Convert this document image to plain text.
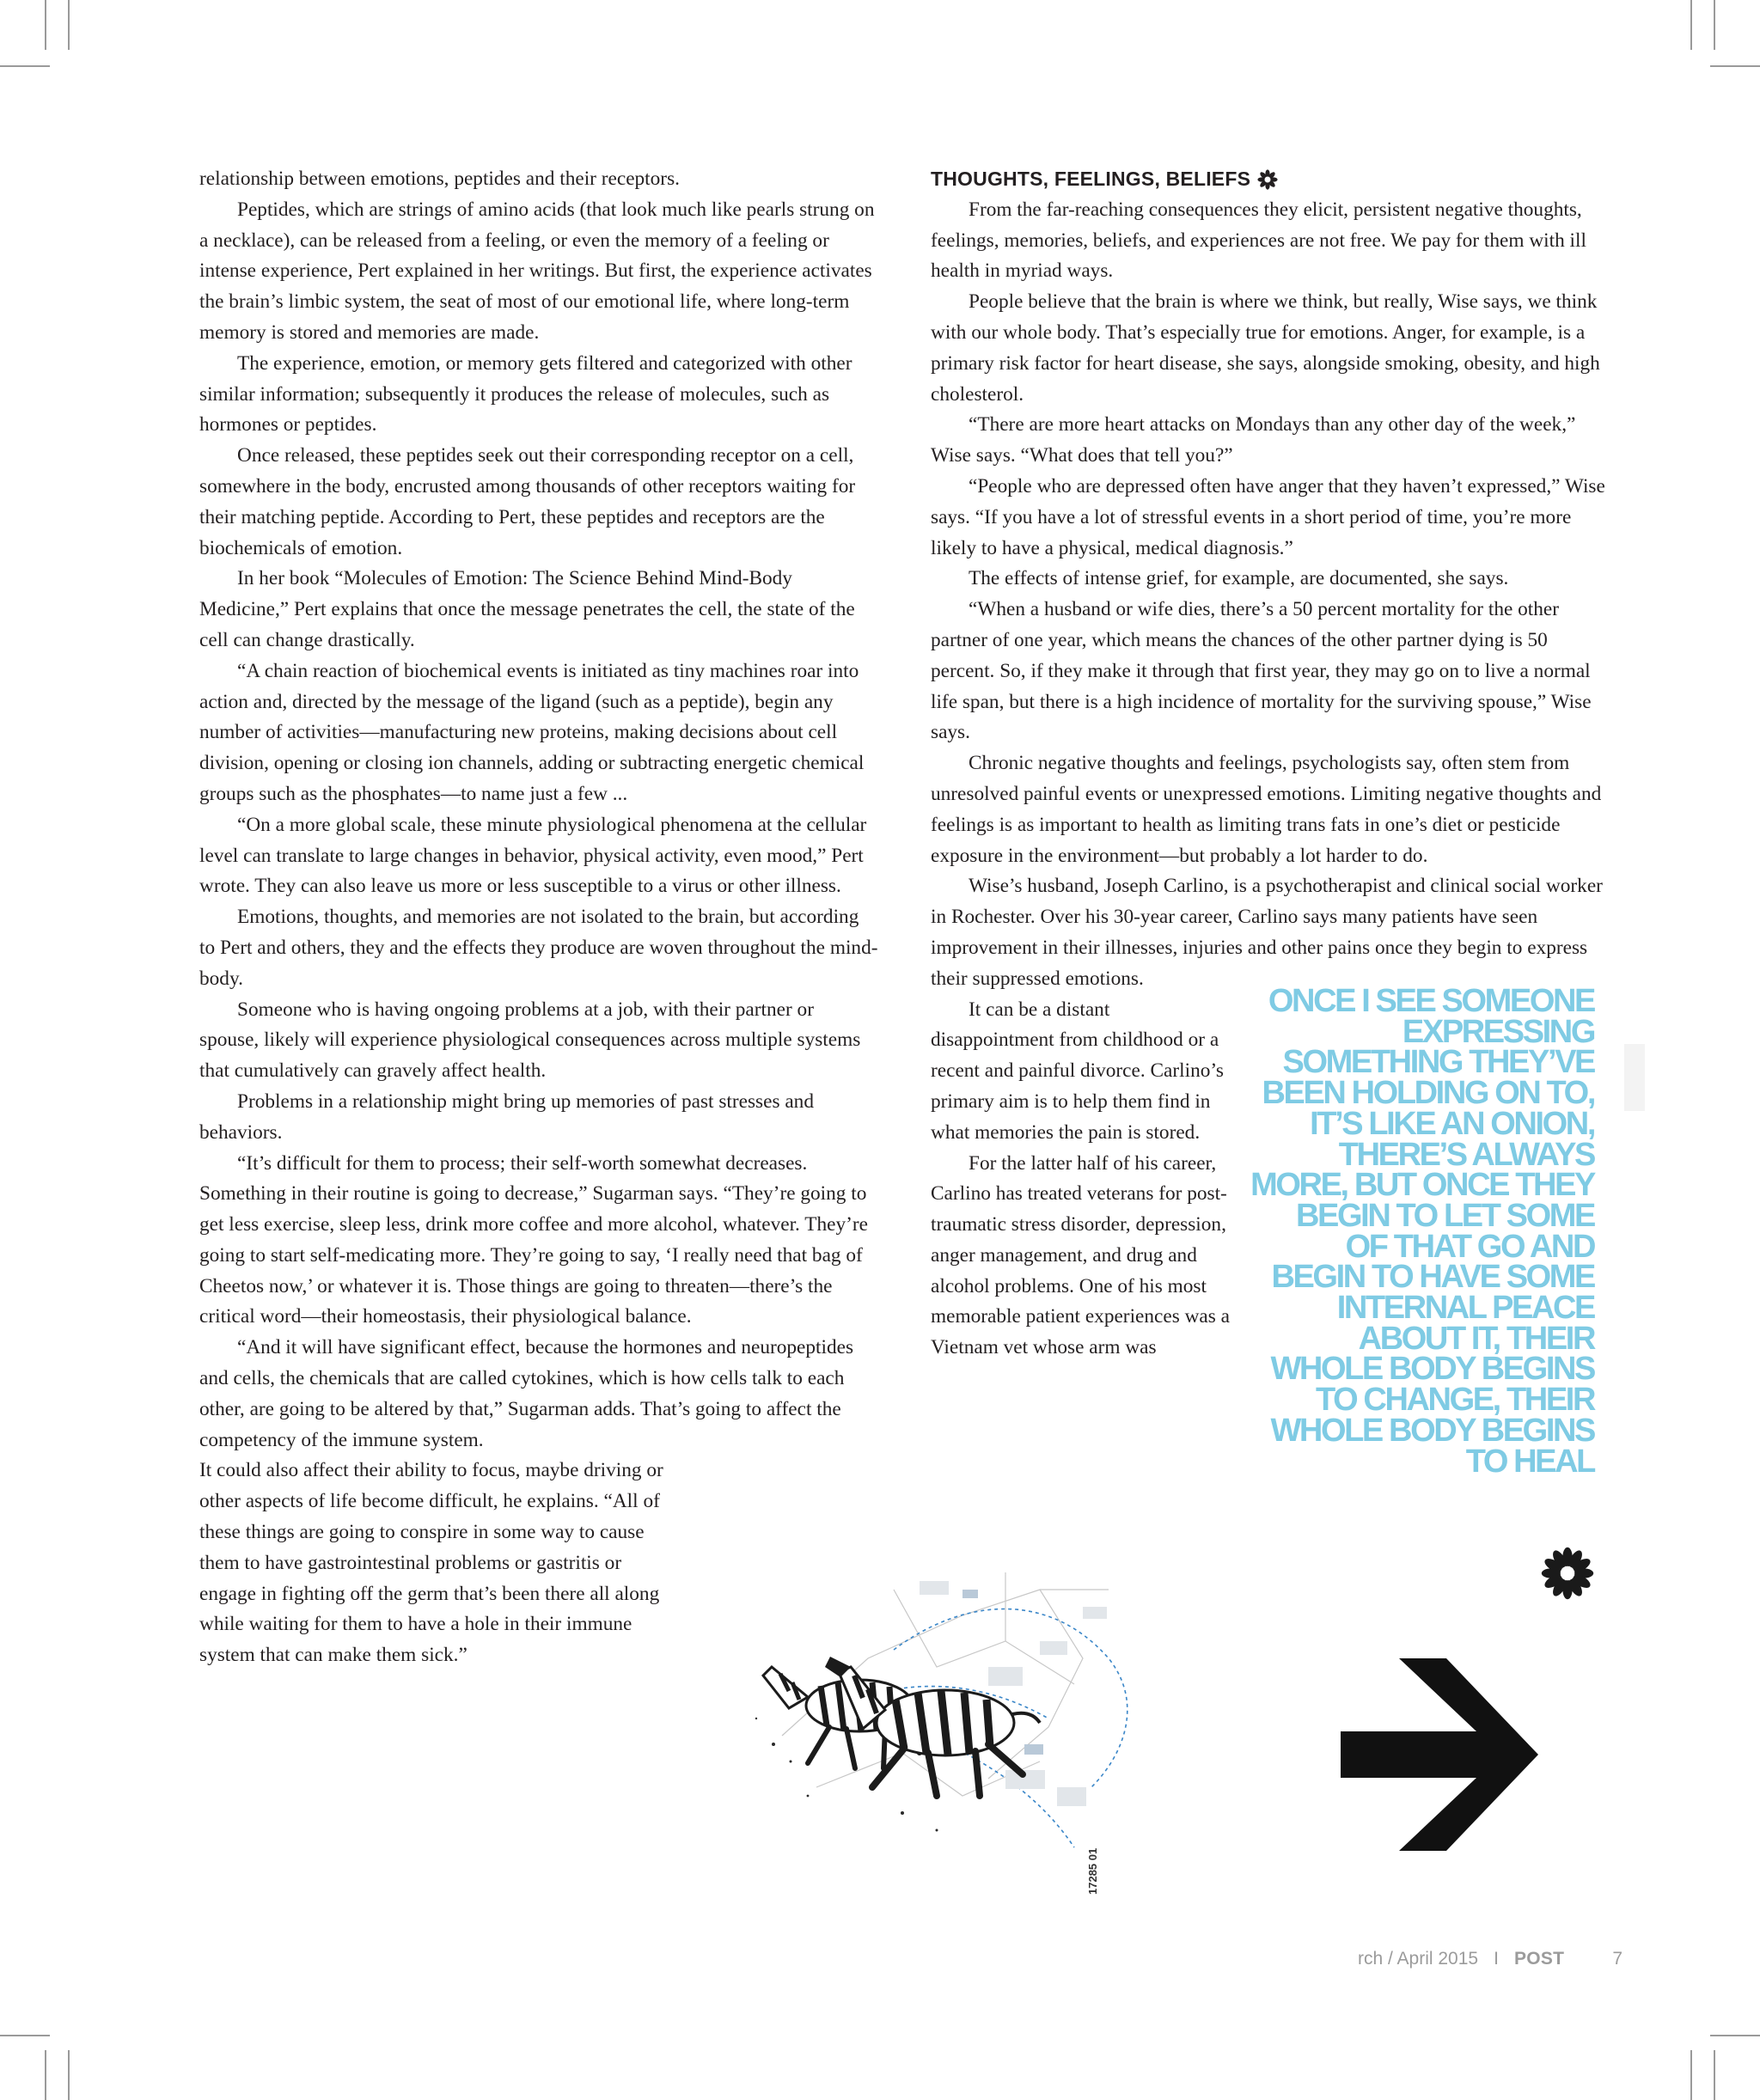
relationship between emotions, peptides and their receptors.

Peptides, which are strings of amino acids (that look much like pearls strung on a necklace), can be released from a feeling, or even the memory of a feeling or intense experience, Pert explained in her writings. But first, the experience activates the brain’s limbic system, the seat of most of our emotional life, where long-term memory is stored and memories are made.

The experience, emotion, or memory gets filtered and categorized with other similar information; subsequently it produces the release of molecules, such as hormones or peptides.

Once released, these peptides seek out their corresponding receptor on a cell, somewhere in the body, encrusted among thousands of other receptors waiting for their matching peptide. According to Pert, these peptides and receptors are the biochemicals of emotion.

In her book “Molecules of Emotion: The Science Behind Mind-Body Medicine,” Pert explains that once the message penetrates the cell, the state of the cell can change drastically.

“A chain reaction of biochemical events is initiated as tiny machines roar into action and, directed by the message of the ligand (such as a peptide), begin any number of activities—manufacturing new proteins, making decisions about cell division, opening or closing ion channels, adding or subtracting energetic chemical groups such as the phosphates—to name just a few ...

“On a more global scale, these minute physiological phenomena at the cellular level can translate to large changes in behavior, physical activity, even mood,” Pert wrote. They can also leave us more or less susceptible to a virus or other illness.

Emotions, thoughts, and memories are not isolated to the brain, but according to Pert and others, they and the effects they produce are woven throughout the mind-body.

Someone who is having ongoing problems at a job, with their partner or spouse, likely will experience physiological consequences across multiple systems that cumulatively can gravely affect health.

Problems in a relationship might bring up memories of past stresses and behaviors.

“It’s difficult for them to process; their self-worth somewhat decreases. Something in their routine is going to decrease,” Sugarman says. “They’re going to get less exercise, sleep less, drink more coffee and more alcohol, whatever. They’re going to start self-medicating more. They’re going to say, ‘I really need that bag of Cheetos now,’ or whatever it is. Those things are going to threaten—there’s the critical word—their homeostasis, their physiological balance.

“And it will have significant effect, because the hormones and neuropeptides and cells, the chemicals that are called cytokines, which is how cells talk to each other, are going to be altered by that,” Sugarman adds. That’s going to affect the competency of the immune system.

It could also affect their ability to focus, maybe driving or other aspects of life become difficult, he explains. “All of these things are going to conspire in some way to cause them to have gastrointestinal problems or gastritis or engage in fighting off the germ that’s been there all along while waiting for them to have a hole in their immune system that can make them sick.”

THOUGHTS, FEELINGS, BELIEFS

From the far-reaching consequences they elicit, persistent negative thoughts, feelings, memories, beliefs, and experiences are not free. We pay for them with ill health in myriad ways.

People believe that the brain is where we think, but really, Wise says, we think with our whole body. That’s especially true for emotions. Anger, for example, is a primary risk factor for heart disease, she says, alongside smoking, obesity, and high cholesterol.

“There are more heart attacks on Mondays than any other day of the week,” Wise says. “What does that tell you?”

“People who are depressed often have anger that they haven’t expressed,” Wise says. “If you have a lot of stressful events in a short period of time, you’re more likely to have a physical, medical diagnosis.”

The effects of intense grief, for example, are documented, she says.

“When a husband or wife dies, there’s a 50 percent mortality for the other partner of one year, which means the chances of the other partner dying is 50 percent. So, if they make it through that first year, they may go on to live a normal life span, but there is a high incidence of mortality for the surviving spouse,” Wise says.

Chronic negative thoughts and feelings, psychologists say, often stem from unresolved painful events or unexpressed emotions. Limiting negative thoughts and feelings is as important to health as limiting trans fats in one’s diet or pesticide exposure in the environment—but probably a lot harder to do.

Wise’s husband, Joseph Carlino, is a psychotherapist and clinical social worker in Rochester. Over his 30-year career, Carlino says many patients have seen improvement in their illnesses, injuries and other pains once they begin to express their suppressed emotions.

It can be a distant disappointment from childhood or a recent and painful divorce. Carlino’s primary aim is to help them find in what memories the pain is stored.

For the latter half of his career, Carlino has treated veterans for post-traumatic stress disorder, depression, anger management, and drug and alcohol problems. One of his most memorable patient experiences was a Vietnam vet whose arm was

ONCE I SEE SOMEONE EXPRESSING SOMETHING THEY’VE BEEN HOLDING ON TO, IT’S LIKE AN ONION, THERE’S ALWAYS MORE, BUT ONCE THEY BEGIN TO LET SOME OF THAT GO AND BEGIN TO HAVE SOME INTERNAL PEACE ABOUT IT, THEIR WHOLE BODY BEGINS TO CHANGE, THEIR WHOLE BODY BEGINS TO HEAL
17285 01
rch / April 2015 I POST	7
